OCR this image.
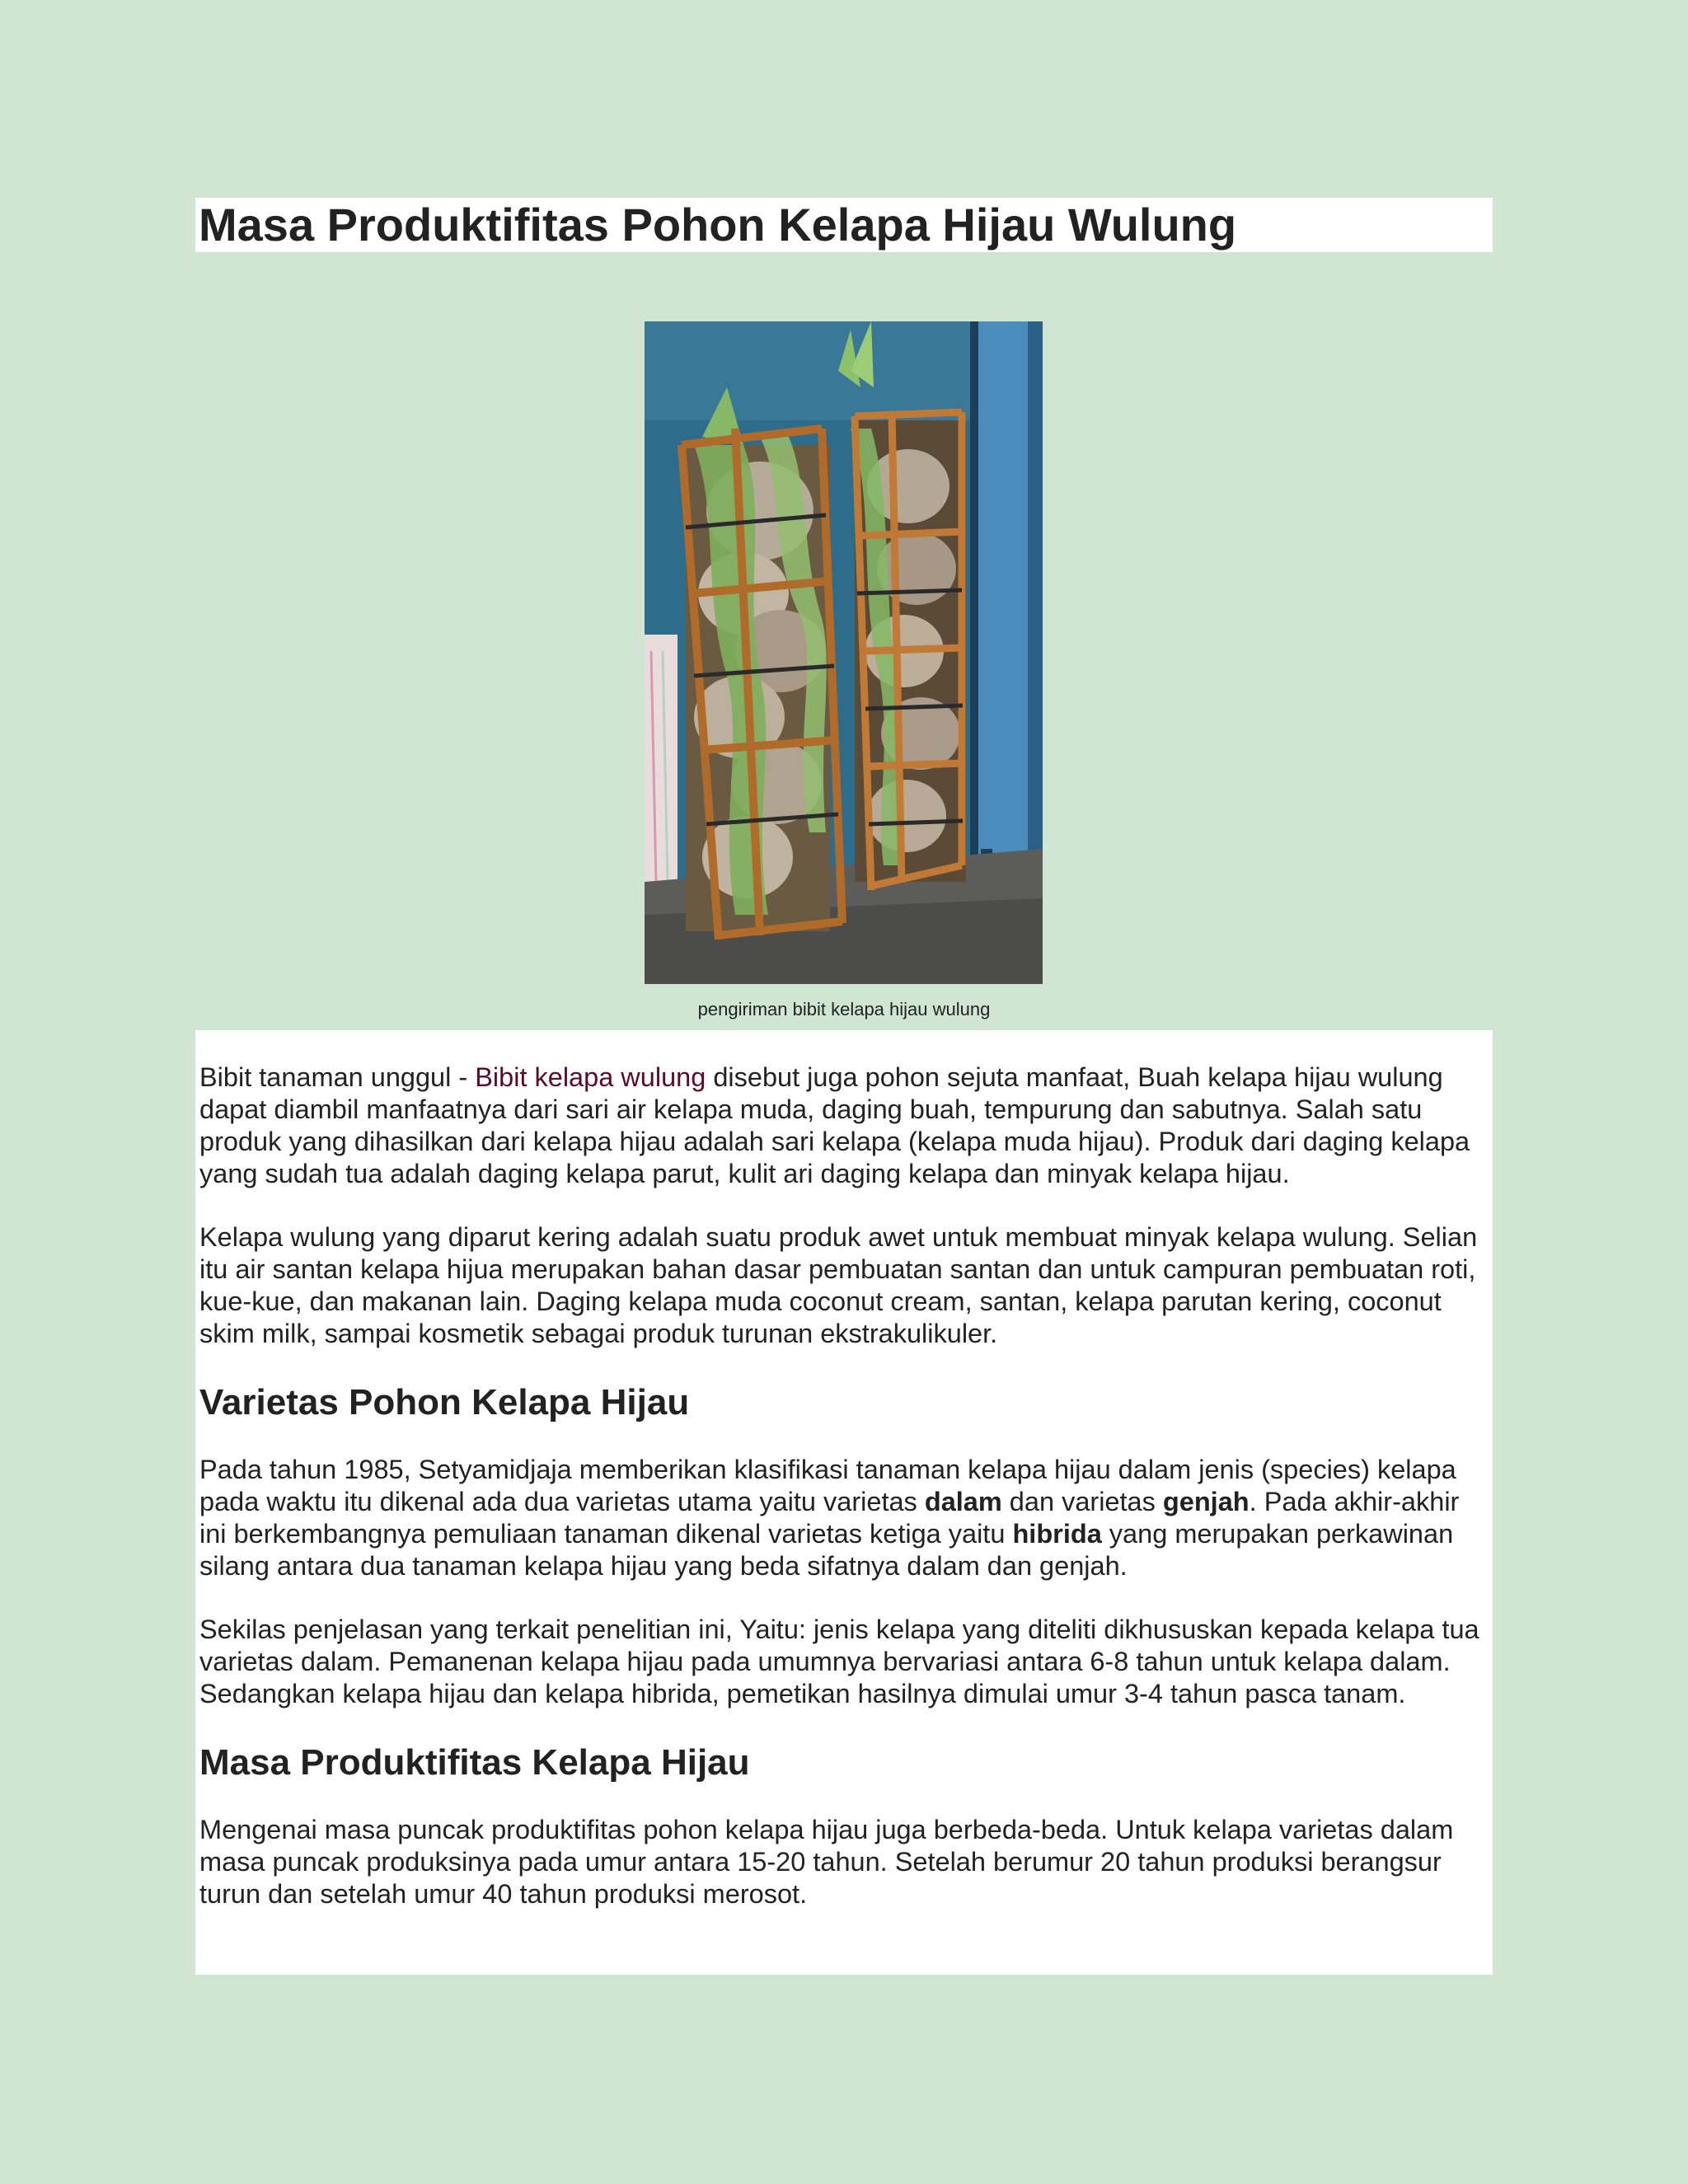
Masa Produktifitas Pohon Kelapa Hijau Wulung
pengiriman bibit kelapa hijau wulung

Bibit tanaman unggul - Bibit kelapa wulung disebut juga pohon sejuta manfaat, Buah kelapa hijau wulung dapat diambil manfaatnya dari sari air kelapa muda, daging buah, tempurung dan sabutnya. Salah satu produk yang dihasilkan dari kelapa hijau adalah sari kelapa (kelapa muda hijau). Produk dari daging kelapa yang sudah tua adalah daging kelapa parut, kulit ari daging kelapa dan minyak kelapa hijau.

Kelapa wulung yang diparut kering adalah suatu produk awet untuk membuat minyak kelapa wulung. Selian itu air santan kelapa hijua merupakan bahan dasar pembuatan santan dan untuk campuran pembuatan roti, kue-kue, dan makanan lain. Daging kelapa muda coconut cream, santan, kelapa parutan kering, coconut skim milk, sampai kosmetik sebagai produk turunan ekstrakulikuler.

Varietas Pohon Kelapa Hijau

Pada tahun 1985, Setyamidjaja memberikan klasifikasi tanaman kelapa hijau dalam jenis (species) kelapa pada waktu itu dikenal ada dua varietas utama yaitu varietas dalam dan varietas genjah. Pada akhir-akhir ini berkembangnya pemuliaan tanaman dikenal varietas ketiga yaitu hibrida yang merupakan perkawinan silang antara dua tanaman kelapa hijau yang beda sifatnya dalam dan genjah.

Sekilas penjelasan yang terkait penelitian ini, Yaitu: jenis kelapa yang diteliti dikhususkan kepada kelapa tua varietas dalam. Pemanenan kelapa hijau pada umumnya bervariasi antara 6-8 tahun untuk kelapa dalam. Sedangkan kelapa hijau dan kelapa hibrida, pemetikan hasilnya dimulai umur 3-4 tahun pasca tanam.

Masa Produktifitas Kelapa Hijau

Mengenai masa puncak produktifitas pohon kelapa hijau juga berbeda-beda. Untuk kelapa varietas dalam masa puncak produksinya pada umur antara 15-20 tahun. Setelah berumur 20 tahun produksi berangsur turun dan setelah umur 40 tahun produksi merosot.
